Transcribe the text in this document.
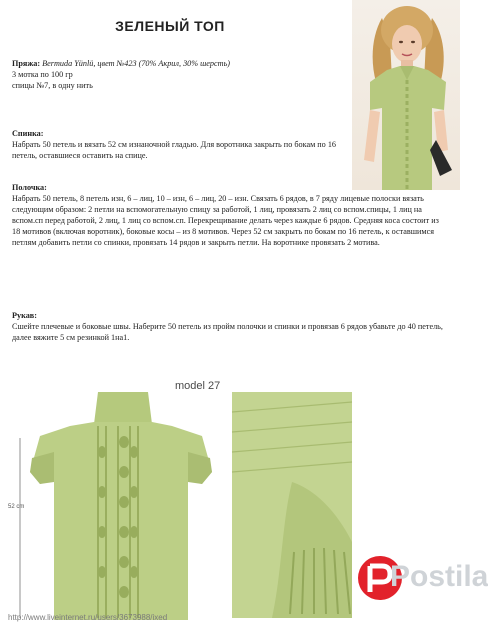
ЗЕЛЕНЫЙ ТОП
Пряжа: Bermuda Yünlü, цвет №423 (70% Акрил, 30% шерсть)
3 мотка по 100 гр
спицы №7, в одну нить
Спинка:
Набрать 50 петель и вязать 52 см изнаночной гладью. Для воротника закрыть по бокам по 16 петель, оставшиеся оставить на спице.
Полочка:
Набрать 50 петель, 8 петель изн, 6 – лиц, 10 – изн, 6 – лиц, 20 – изн. Связать 6 рядов, в 7 ряду лицевые полоски вязать следующим образом: 2 петли на вспомогательную спицу за работой, 1 лиц, провязать 2 лиц со вспом.спицы, 1 лиц на вспом.сп перед работой, 2 лиц, 1 лиц со вспом.сп. Перекрещивание делать через каждые 6 рядов. Средняя коса состоит из 18 мотивов (включая воротник), боковые косы – из 8 мотивов. Через 52 см закрыть по бокам по 16 петель, к оставшимся петлям добавить петли со спинки, провязать 14 рядов и закрыть петли. На воротнике провязать 2 мотива.
Рукав:
Сшейте плечевые и боковые швы. Наберите 50 петель из пройм полочки и спинки и провязав 6 рядов убавьте до 40 петель, далее вяжите 5 см резинкой 1на1.
model 27
52 cm
Postila
http://www.liveinternet.ru/users/3673988/ixed
